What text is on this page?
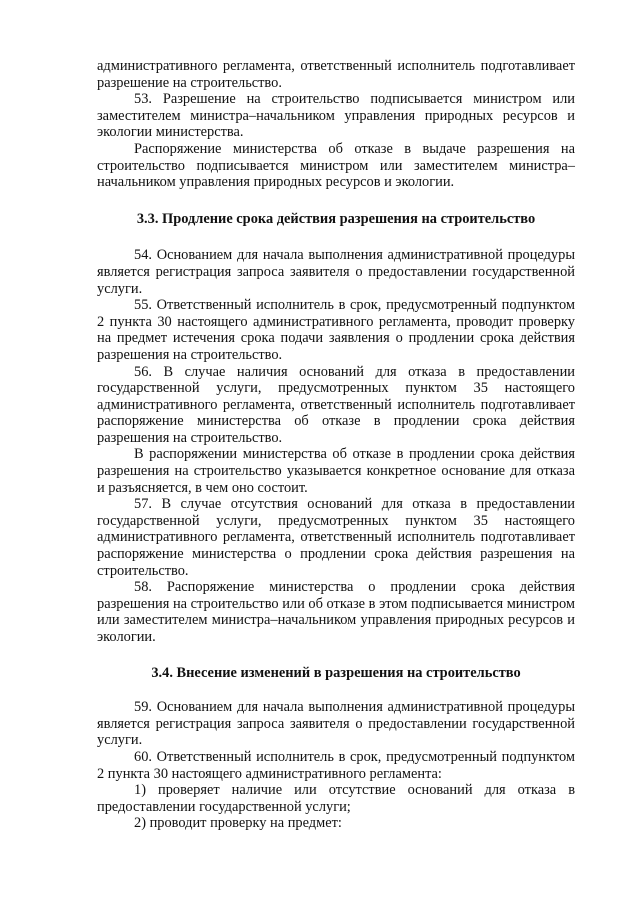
административного регламента, ответственный исполнитель подготавливает разрешение на строительство.

53. Разрешение на строительство подписывается министром или заместителем министра–начальником управления природных ресурсов и экологии министерства.

Распоряжение министерства об отказе в выдаче разрешения на строительство подписывается министром или заместителем министра–начальником управления природных ресурсов и экологии.

3.3. Продление срока действия разрешения на строительство

54. Основанием для начала выполнения административной процедуры является регистрация запроса заявителя о предоставлении государственной услуги.

55. Ответственный исполнитель в срок, предусмотренный подпунктом 2 пункта 30 настоящего административного регламента, проводит проверку на предмет истечения срока подачи заявления о продлении срока действия разрешения на строительство.

56. В случае наличия оснований для отказа в предоставлении государственной услуги, предусмотренных пунктом 35 настоящего административного регламента, ответственный исполнитель подготавливает распоряжение министерства об отказе в продлении срока действия разрешения на строительство.

В распоряжении министерства об отказе в продлении срока действия разрешения на строительство указывается конкретное основание для отказа и разъясняется, в чем оно состоит.

57. В случае отсутствия оснований для отказа в предоставлении государственной услуги, предусмотренных пунктом 35 настоящего административного регламента, ответственный исполнитель подготавливает распоряжение министерства о продлении срока действия разрешения на строительство.

58. Распоряжение министерства о продлении срока действия разрешения на строительство или об отказе в этом подписывается министром или заместителем министра–начальником управления природных ресурсов и экологии.

3.4. Внесение изменений в разрешения на строительство

59. Основанием для начала выполнения административной процедуры является регистрация запроса заявителя о предоставлении государственной услуги.

60. Ответственный исполнитель в срок, предусмотренный подпунктом 2 пункта 30 настоящего административного регламента:

1) проверяет наличие или отсутствие оснований для отказа в предоставлении государственной услуги;

2) проводит проверку на предмет:
